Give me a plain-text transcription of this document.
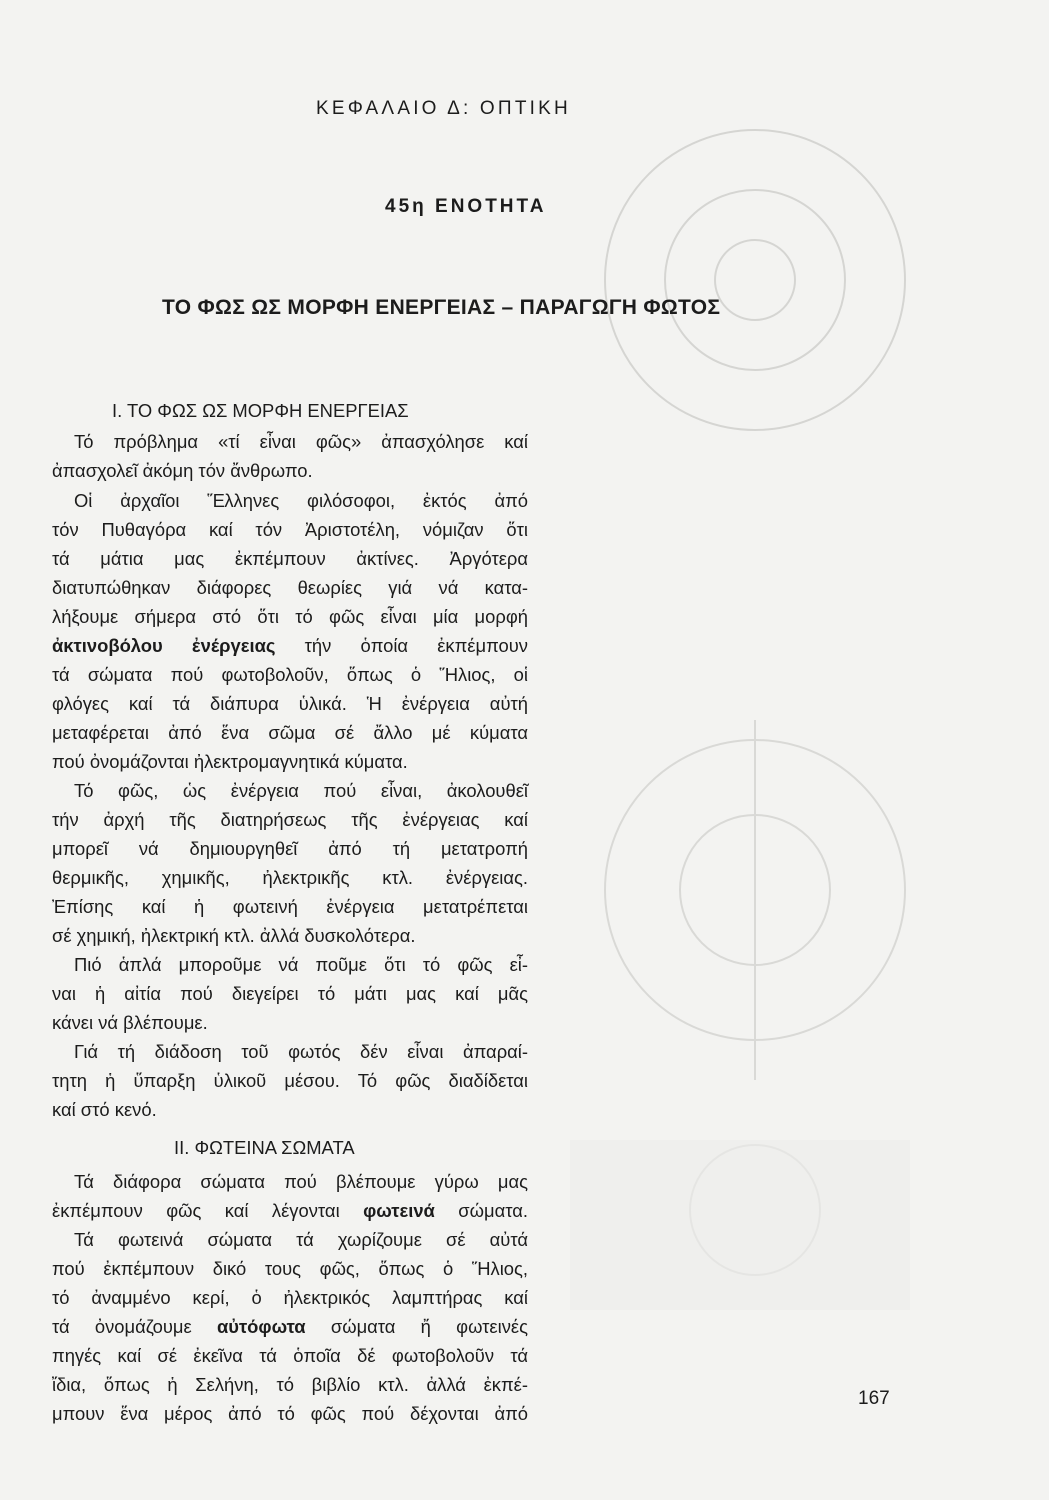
ΚΕΦΑΛΑΙΟ Δ: ΟΠΤΙΚΗ
45η ΕΝΟΤΗΤΑ
ΤΟ ΦΩΣ ΩΣ ΜΟΡΦΗ ΕΝΕΡΓΕΙΑΣ – ΠΑΡΑΓΩΓΗ ΦΩΤΟΣ
Ι. ΤΟ ΦΩΣ ΩΣ ΜΟΡΦΗ ΕΝΕΡΓΕΙΑΣ
Τό πρόβλημα «τί εἶναι φῶς» ἀπασχόλησε καί
ἀπασχολεῖ ἀκόμη τόν ἄνθρωπο.
Οἱ ἀρχαῖοι Ἕλληνες φιλόσοφοι, ἐκτός ἀπό
τόν Πυθαγόρα καί τόν Ἀριστοτέλη, νόμιζαν ὅτι
τά μάτια μας ἐκπέμπουν ἀκτίνες. Ἀργότερα
διατυπώθηκαν διάφορες θεωρίες γιά νά κατα-
λήξουμε σήμερα στό ὅτι τό φῶς εἶναι μία μορφή
ἀκτινοβόλου ἐνέργειας τήν ὁποία ἐκπέμπουν
τά σώματα πού φωτοβολοῦν, ὅπως ὁ Ἥλιος, οἱ
φλόγες καί τά διάπυρα ὑλικά. Ἡ ἐνέργεια αὐτή
μεταφέρεται ἀπό ἕνα σῶμα σέ ἄλλο μέ κύματα
πού ὀνομάζονται ἠλεκτρομαγνητικά κύματα.
Τό φῶς, ὡς ἐνέργεια πού εἶναι, ἀκολουθεῖ
τήν ἀρχή τῆς διατηρήσεως τῆς ἐνέργειας καί
μπορεῖ νά δημιουργηθεῖ ἀπό τή μετατροπή
θερμικῆς, χημικῆς, ἠλεκτρικῆς κτλ. ἐνέργειας.
Ἐπίσης καί ἡ φωτεινή ἐνέργεια μετατρέπεται
σέ χημική, ἠλεκτρική κτλ. ἀλλά δυσκολότερα.
Πιό ἁπλά μποροῦμε νά ποῦμε ὅτι τό φῶς εἶ-
ναι ἡ αἰτία πού διεγείρει τό μάτι μας καί μᾶς
κάνει νά βλέπουμε.
Γιά τή διάδοση τοῦ φωτός δέν εἶναι ἀπαραί-
τητη ἡ ὕπαρξη ὑλικοῦ μέσου. Τό φῶς διαδίδεται
καί στό κενό.
ΙΙ. ΦΩΤΕΙΝΑ ΣΩΜΑΤΑ
Τά διάφορα σώματα πού βλέπουμε γύρω μας
ἐκπέμπουν φῶς καί λέγονται φωτεινά σώματα.
Τά φωτεινά σώματα τά χωρίζουμε σέ αὐτά
πού ἐκπέμπουν δικό τους φῶς, ὅπως ὁ Ἥλιος,
τό ἀναμμένο κερί, ὁ ἠλεκτρικός λαμπτήρας καί
τά ὀνομάζουμε αὐτόφωτα σώματα ἤ φωτεινές
πηγές καί σέ ἐκεῖνα τά ὁποῖα δέ φωτοβολοῦν τά
ἴδια, ὅπως ἡ Σελήνη, τό βιβλίο κτλ. ἀλλά ἐκπέ-
μπουν ἕνα μέρος ἀπό τό φῶς πού δέχονται ἀπό
167
